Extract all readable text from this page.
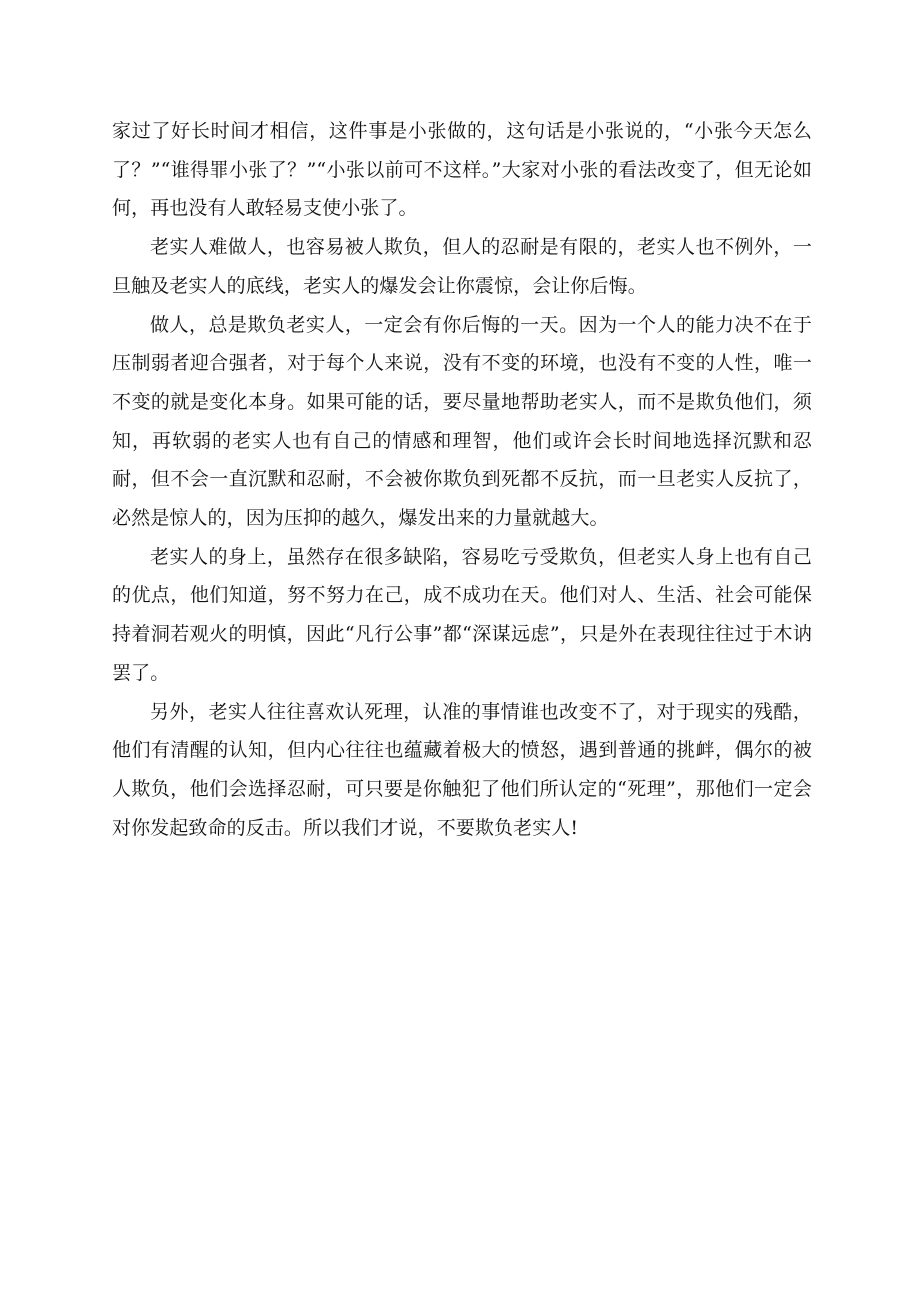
家过了好长时间才相信，这件事是小张做的，这句话是小张说的，“小张今天怎么了？”“谁得罪小张了？”“小张以前可不这样。”大家对小张的看法改变了，但无论如何，再也没有人敢轻易支使小张了。

老实人难做人，也容易被人欺负，但人的忍耐是有限的，老实人也不例外，一旦触及老实人的底线，老实人的爆发会让你震惊，会让你后悔。

做人，总是欺负老实人，一定会有你后悔的一天。因为一个人的能力决不在于压制弱者迎合强者，对于每个人来说，没有不变的环境，也没有不变的人性，唯一不变的就是变化本身。如果可能的话，要尽量地帮助老实人，而不是欺负他们，须知，再软弱的老实人也有自己的情感和理智，他们或许会长时间地选择沉默和忍耐，但不会一直沉默和忍耐，不会被你欺负到死都不反抗，而一旦老实人反抗了，必然是惊人的，因为压抑的越久，爆发出来的力量就越大。

老实人的身上，虽然存在很多缺陷，容易吃亏受欺负，但老实人身上也有自己的优点，他们知道，努不努力在己，成不成功在天。他们对人、生活、社会可能保持着洞若观火的明慎，因此“凡行公事”都“深谋远虑”，只是外在表现往往过于木讷罢了。

另外，老实人往往喜欢认死理，认准的事情谁也改变不了，对于现实的残酷，他们有清醒的认知，但内心往往也蕴藏着极大的愤怒，遇到普通的挑衅，偶尔的被人欺负，他们会选择忍耐，可只要是你触犯了他们所认定的“死理”，那他们一定会对你发起致命的反击。所以我们才说，不要欺负老实人!
